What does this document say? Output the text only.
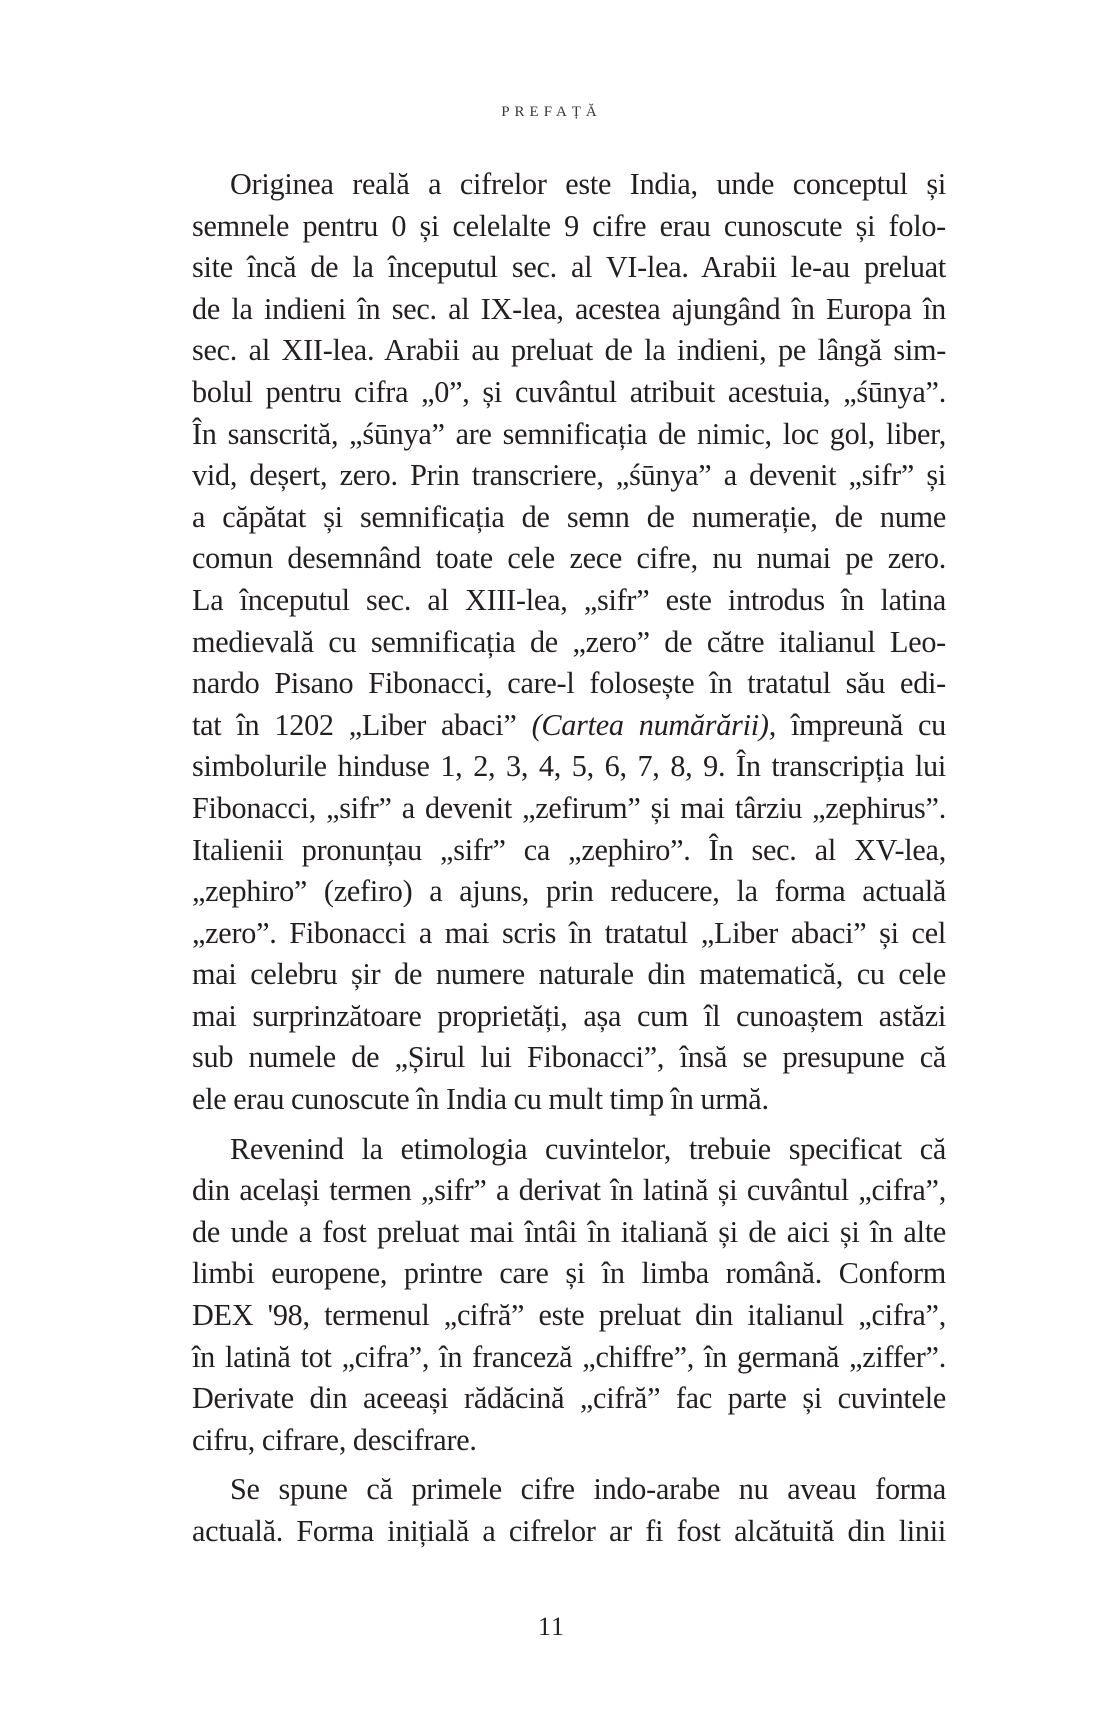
PREFAȚĂ

Originea reală a cifrelor este India, unde conceptul și
semnele pentru 0 și celelalte 9 cifre erau cunoscute și folo-
site încă de la începutul sec. al VI-lea. Arabii le-au preluat
de la indieni în sec. al IX-lea, acestea ajungând în Europa în
sec. al XII-lea. Arabii au preluat de la indieni, pe lângă sim-
bolul pentru cifra „0”, și cuvântul atribuit acestuia, „śūnya”.
În sanscrită, „śūnya” are semnificația de nimic, loc gol, liber,
vid, deșert, zero. Prin transcriere, „śūnya” a devenit „sifr” și
a căpătat și semnificația de semn de numerație, de nume
comun desemnând toate cele zece cifre, nu numai pe zero.
La începutul sec. al XIII-lea, „sifr” este introdus în latina
medievală cu semnificația de „zero” de către italianul Leo-
nardo Pisano Fibonacci, care-l folosește în tratatul său edi-
tat în 1202 „Liber abaci” (Cartea numărării), împreună cu
simbolurile hinduse 1, 2, 3, 4, 5, 6, 7, 8, 9. În transcripția lui
Fibonacci, „sifr” a devenit „zefirum” și mai târziu „zephirus”.
Italienii pronunțau „sifr” ca „zephiro”. În sec. al XV-lea,
„zephiro” (zefiro) a ajuns, prin reducere, la forma actuală
„zero”. Fibonacci a mai scris în tratatul „Liber abaci” și cel
mai celebru șir de numere naturale din matematică, cu cele
mai surprinzătoare proprietăți, așa cum îl cunoaștem astăzi
sub numele de „Șirul lui Fibonacci”, însă se presupune că
ele erau cunoscute în India cu mult timp în urmă.

Revenind la etimologia cuvintelor, trebuie specificat că
din același termen „sifr” a derivat în latină și cuvântul „cifra”,
de unde a fost preluat mai întâi în italiană și de aici și în alte
limbi europene, printre care și în limba română. Conform
DEX '98, termenul „cifră” este preluat din italianul „cifra”,
în latină tot „cifra”, în franceză „chiffre”, în germană „ziffer”.
Derivate din aceeași rădăcină „cifră” fac parte și cuvintele
cifru, cifrare, descifrare.

Se spune că primele cifre indo-arabe nu aveau forma
actuală. Forma inițială a cifrelor ar fi fost alcătuită din linii

11
